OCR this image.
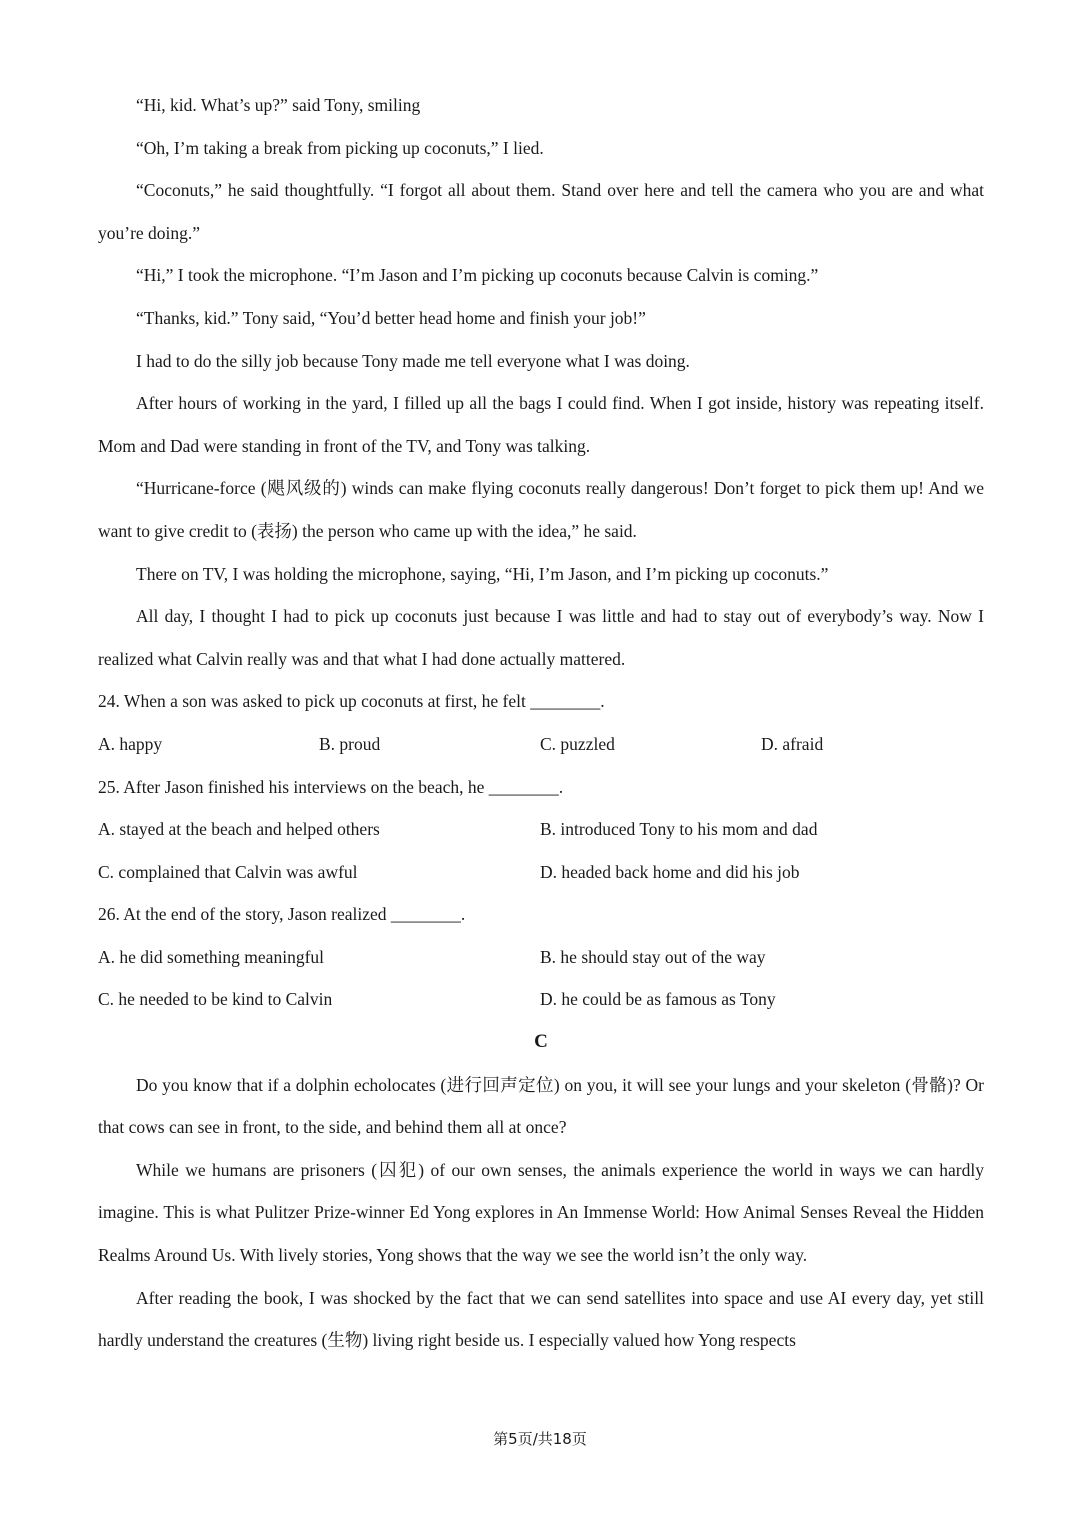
“Hi, kid. What’s up?” said Tony, smiling

“Oh, I’m taking a break from picking up coconuts,” I lied.

“Coconuts,” he said thoughtfully. “I forgot all about them. Stand over here and tell the camera who you are and what you’re doing.”

“Hi,” I took the microphone. “I’m Jason and I’m picking up coconuts because Calvin is coming.”

“Thanks, kid.” Tony said, “You’d better head home and finish your job!”

I had to do the silly job because Tony made me tell everyone what I was doing.

After hours of working in the yard, I filled up all the bags I could find. When I got inside, history was repeating itself. Mom and Dad were standing in front of the TV, and Tony was talking.

“Hurricane-force (飓风级的) winds can make flying coconuts really dangerous! Don’t forget to pick them up! And we want to give credit to (表扬) the person who came up with the idea,” he said.

There on TV, I was holding the microphone, saying, “Hi, I’m Jason, and I’m picking up coconuts.”

All day, I thought I had to pick up coconuts just because I was little and had to stay out of everybody’s way. Now I realized what Calvin really was and that what I had done actually mattered.

24. When a son was asked to pick up coconuts at first, he felt ________.

A. happy	B. proud	C. puzzled	D. afraid

25. After Jason finished his interviews on the beach, he ________.

A. stayed at the beach and helped others	B. introduced Tony to his mom and dad
C. complained that Calvin was awful	D. headed back home and did his job

26. At the end of the story, Jason realized ________.

A. he did something meaningful	B. he should stay out of the way
C. he needed to be kind to Calvin	D. he could be as famous as Tony

C

Do you know that if a dolphin echolocates (进行回声定位) on you, it will see your lungs and your skeleton (骨骼)? Or that cows can see in front, to the side, and behind them all at once?

While we humans are prisoners (囚犯) of our own senses, the animals experience the world in ways we can hardly imagine. This is what Pulitzer Prize-winner Ed Yong explores in An Immense World: How Animal Senses Reveal the Hidden Realms Around Us. With lively stories, Yong shows that the way we see the world isn’t the only way.

After reading the book, I was shocked by the fact that we can send satellites into space and use AI every day, yet still hardly understand the creatures (生物) living right beside us. I especially valued how Yong respects

第5页/共18页
